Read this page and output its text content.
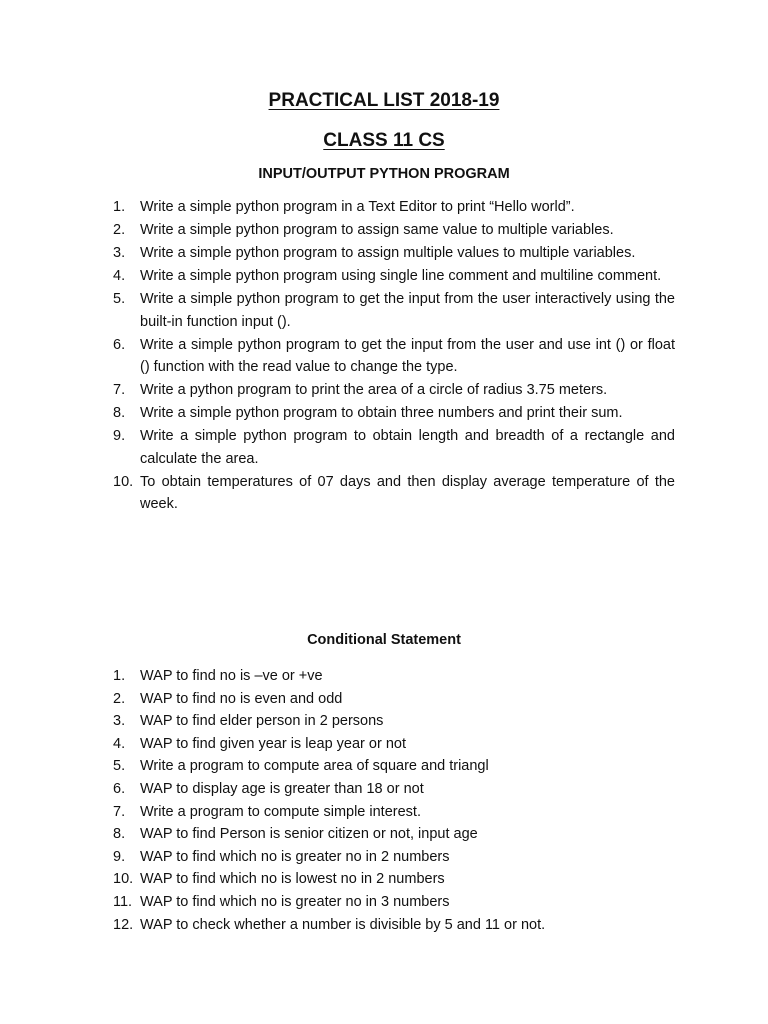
PRACTICAL LIST 2018-19
CLASS 11 CS
INPUT/OUTPUT PYTHON PROGRAM
1.	Write a simple python program in a Text Editor to print “Hello world”.
2.	Write a simple python program to assign same value to multiple variables.
3.	Write a simple python program to assign multiple values to multiple variables.
4.	Write a simple python program using single line comment and multiline comment.
5.	Write a simple python program to get the input from the user interactively using the built-in function input ().
6.	Write a simple python program to get the input from the user and use int () or float () function with the read value to change the type.
7.	Write a python program to print the area of a circle of radius 3.75 meters.
8.	Write a simple python program to obtain three numbers and print their sum.
9.	Write a simple python program to obtain length and breadth of a rectangle and calculate the area.
10. To obtain temperatures of 07 days and then display average temperature of the week.
Conditional Statement
1.	WAP to find no is –ve or +ve
2.	WAP to find no is even and odd
3.	WAP to find elder person in 2 persons
4.	WAP to find given year is leap year or not
5.	Write a program to compute area of square and triangl
6.	WAP to display age is greater than 18 or not
7.	Write a program to compute simple interest.
8.	WAP to find Person is senior citizen or not, input age
9.	WAP to find which no is greater no in 2 numbers
10. WAP to find which no is lowest no in 2 numbers
11. WAP to find which no is greater no in 3 numbers
12. WAP to check whether a number is divisible by 5 and 11 or not.
